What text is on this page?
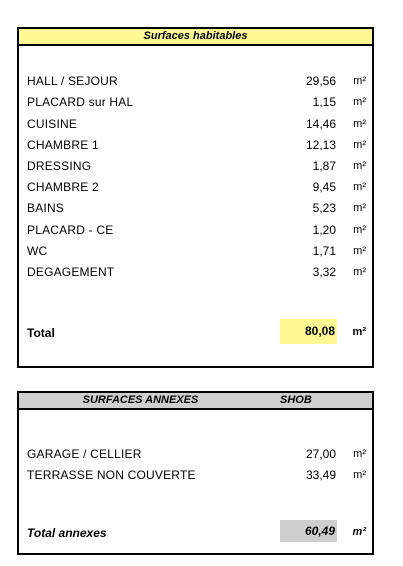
Surfaces habitables
HALL / SEJOUR	29,56 m²
PLACARD sur HAL	1,15 m²
CUISINE	14,46 m²
CHAMBRE 1	12,13 m²
DRESSING	1,87 m²
CHAMBRE 2	9,45 m²
BAINS	5,23 m²
PLACARD - CE	1,20 m²
WC	1,71 m²
DEGAGEMENT	3,32 m²
Total	80,08 m²
SURFACES ANNEXES	SHOB
GARAGE / CELLIER	27,00 m²
TERRASSE NON COUVERTE	33,49 m²
Total annexes	60,49 m²
